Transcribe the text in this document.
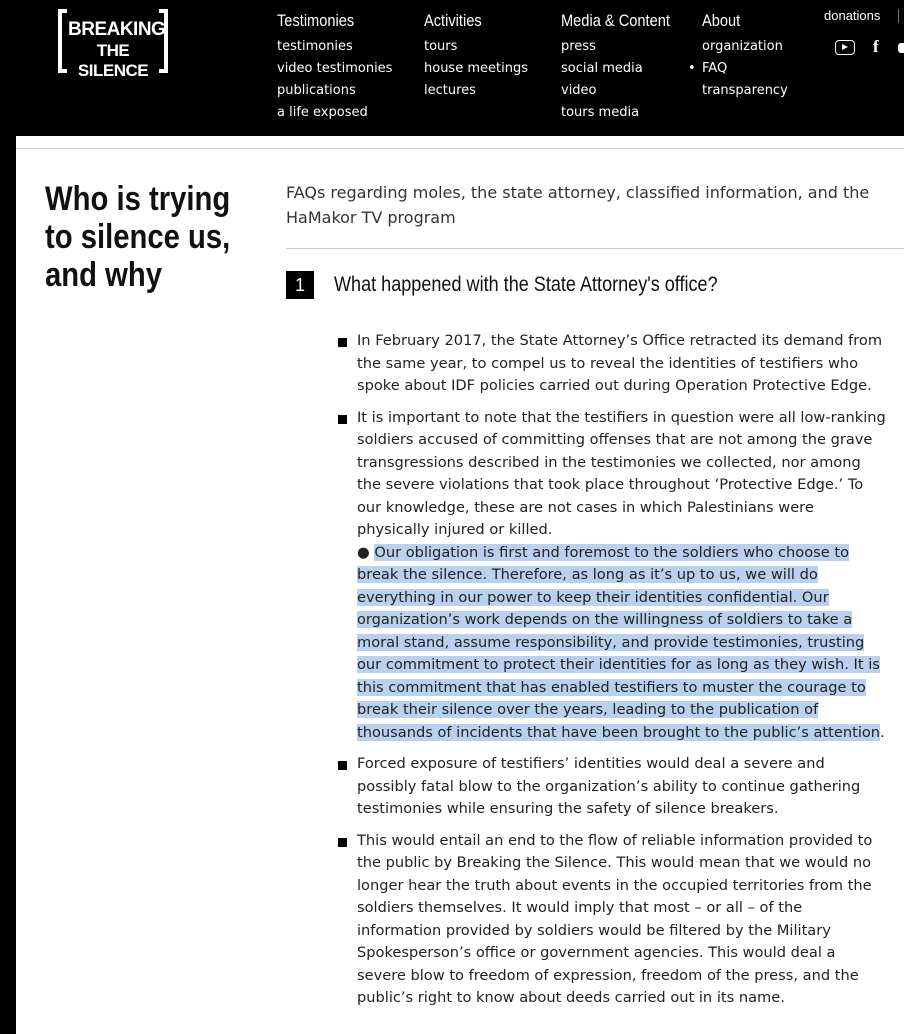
BREAKING
THE SILENCE
Testimonies
testimonies
video testimonies
publications
a life exposed
Activities
tours
house meetings
lectures
Media & Content
press
social media
video
tours media
About
organization
• FAQ
transparency
donations
f
Who is trying to silence us, and why

FAQs regarding moles, the state attorney, classified information, and the HaMakor TV program

1	What happened with the State Attorney's office?
In February 2017, the State Attorney’s Office retracted its demand from the same year, to compel us to reveal the identities of testifiers who spoke about IDF policies carried out during Operation Protective Edge.
It is important to note that the testifiers in question were all low-ranking soldiers accused of committing offenses that are not among the grave transgressions described in the testimonies we collected, nor among the severe violations that took place throughout ‘Protective Edge.’ To our knowledge, these are not cases in which Palestinians were physically injured or killed.
● Our obligation is first and foremost to the soldiers who choose to break the silence. Therefore, as long as it’s up to us, we will do everything in our power to keep their identities confidential. Our organization’s work depends on the willingness of soldiers to take a moral stand, assume responsibility, and provide testimonies, trusting our commitment to protect their identities for as long as they wish. It is this commitment that has enabled testifiers to muster the courage to break their silence over the years, leading to the publication of thousands of incidents that have been brought to the public’s attention.
Forced exposure of testifiers’ identities would deal a severe and possibly fatal blow to the organization’s ability to continue gathering testimonies while ensuring the safety of silence breakers.
This would entail an end to the flow of reliable information provided to the public by Breaking the Silence. This would mean that we would no longer hear the truth about events in the occupied territories from the soldiers themselves. It would imply that most – or all – of the information provided by soldiers would be filtered by the Military Spokesperson’s office or government agencies. This would deal a severe blow to freedom of expression, freedom of the press, and the public’s right to know about deeds carried out in its name.
